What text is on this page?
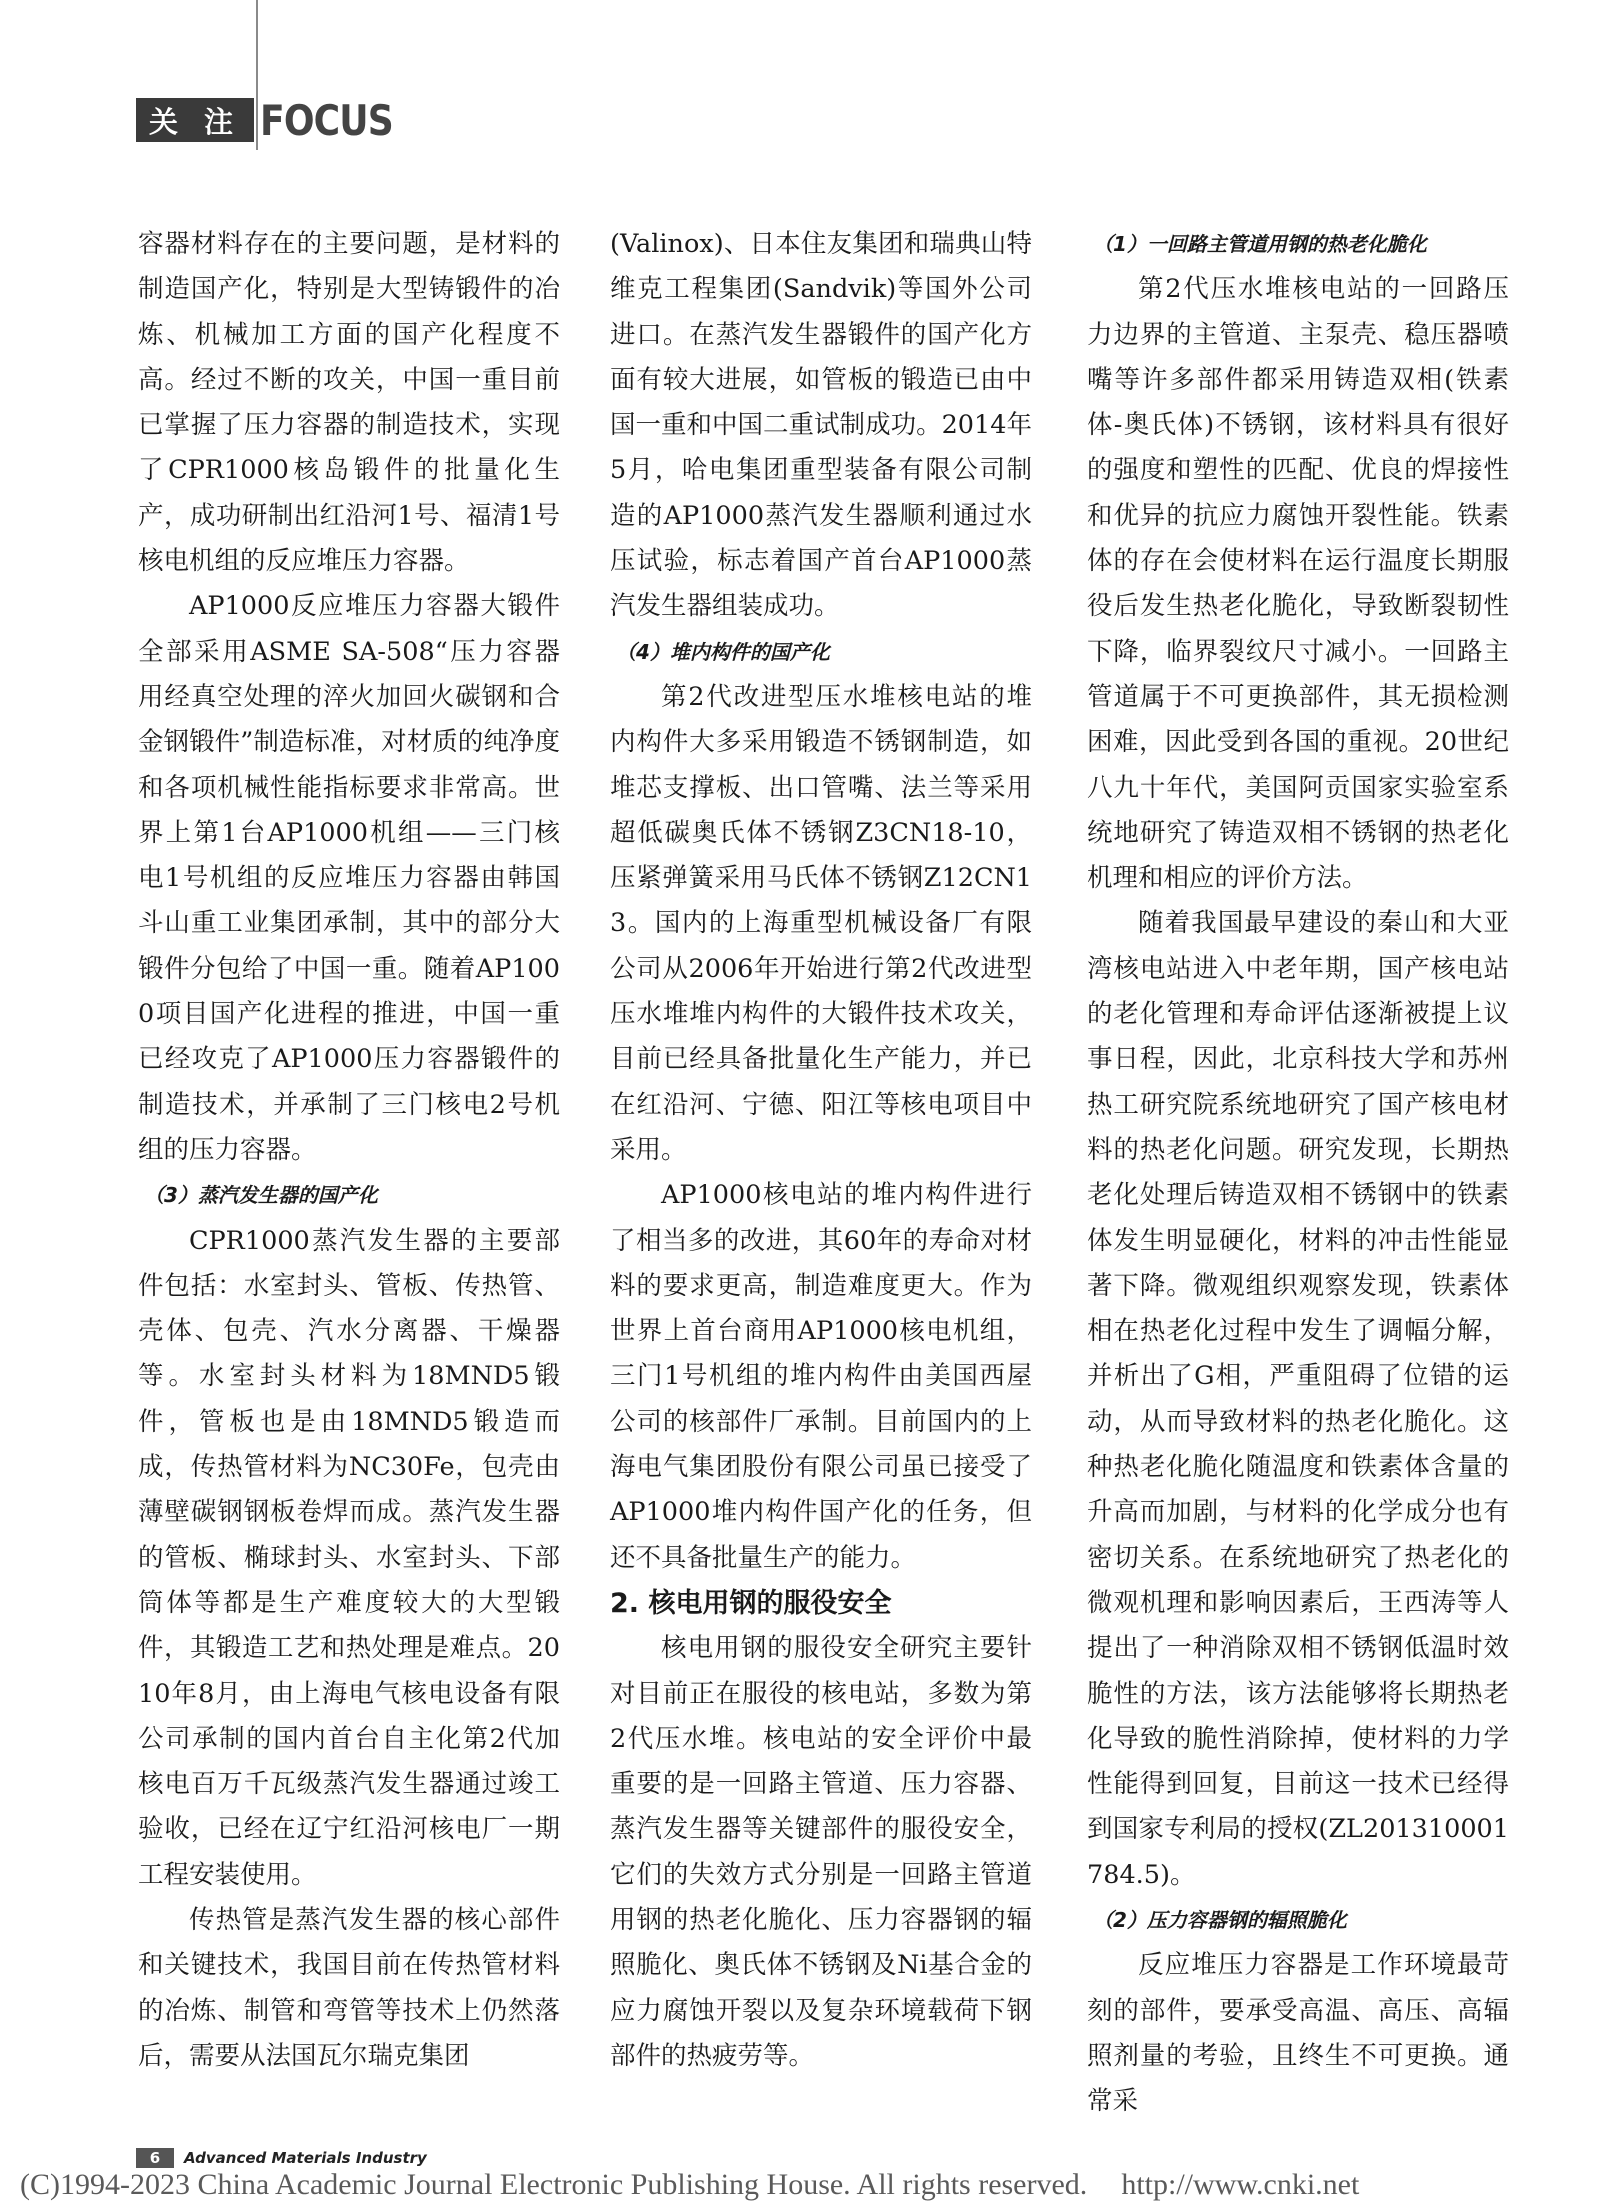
关 注 FOCUS

容器材料存在的主要问题，是材料的制造国产化，特别是大型铸锻件的冶炼、机械加工方面的国产化程度不高。经过不断的攻关，中国一重目前已掌握了压力容器的制造技术，实现了CPR1000核岛锻件的批量化生产，成功研制出红沿河1号、福清1号核电机组的反应堆压力容器。

AP1000反应堆压力容器大锻件全部采用ASME SA-508“压力容器用经真空处理的淬火加回火碳钢和合金钢锻件”制造标准，对材质的纯净度和各项机械性能指标要求非常高。世界上第1台AP1000机组——三门核电1号机组的反应堆压力容器由韩国斗山重工业集团承制，其中的部分大锻件分包给了中国一重。随着AP1000项目国产化进程的推进，中国一重已经攻克了AP1000压力容器锻件的制造技术，并承制了三门核电2号机组的压力容器。

（3）蒸汽发生器的国产化

CPR1000蒸汽发生器的主要部件包括：水室封头、管板、传热管、壳体、包壳、汽水分离器、干燥器等。水室封头材料为18MND5锻件，管板也是由18MND5锻造而成，传热管材料为NC30Fe，包壳由薄壁碳钢钢板卷焊而成。蒸汽发生器的管板、椭球封头、水室封头、下部筒体等都是生产难度较大的大型锻件，其锻造工艺和热处理是难点。2010年8月，由上海电气核电设备有限公司承制的国内首台自主化第2代加核电百万千瓦级蒸汽发生器通过竣工验收，已经在辽宁红沿河核电厂一期工程安装使用。

传热管是蒸汽发生器的核心部件和关键技术，我国目前在传热管材料的冶炼、制管和弯管等技术上仍然落后，需要从法国瓦尔瑞克集团

(Valinox)、日本住友集团和瑞典山特维克工程集团(Sandvik)等国外公司进口。在蒸汽发生器锻件的国产化方面有较大进展，如管板的锻造已由中国一重和中国二重试制成功。2014年5月，哈电集团重型装备有限公司制造的AP1000蒸汽发生器顺利通过水压试验，标志着国产首台AP1000蒸汽发生器组装成功。

（4）堆内构件的国产化

第2代改进型压水堆核电站的堆内构件大多采用锻造不锈钢制造，如堆芯支撑板、出口管嘴、法兰等采用超低碳奥氏体不锈钢Z3CN18-10，压紧弹簧采用马氏体不锈钢Z12CN13。国内的上海重型机械设备厂有限公司从2006年开始进行第2代改进型压水堆堆内构件的大锻件技术攻关，目前已经具备批量化生产能力，并已在红沿河、宁德、阳江等核电项目中采用。

AP1000核电站的堆内构件进行了相当多的改进，其60年的寿命对材料的要求更高，制造难度更大。作为世界上首台商用AP1000核电机组，三门1号机组的堆内构件由美国西屋公司的核部件厂承制。目前国内的上海电气集团股份有限公司虽已接受了AP1000堆内构件国产化的任务，但还不具备批量生产的能力。

2. 核电用钢的服役安全

核电用钢的服役安全研究主要针对目前正在服役的核电站，多数为第2代压水堆。核电站的安全评价中最重要的是一回路主管道、压力容器、蒸汽发生器等关键部件的服役安全，它们的失效方式分别是一回路主管道用钢的热老化脆化、压力容器钢的辐照脆化、奥氏体不锈钢及Ni基合金的应力腐蚀开裂以及复杂环境载荷下钢部件的热疲劳等。

（1）一回路主管道用钢的热老化脆化

第2代压水堆核电站的一回路压力边界的主管道、主泵壳、稳压器喷嘴等许多部件都采用铸造双相(铁素体-奥氏体)不锈钢，该材料具有很好的强度和塑性的匹配、优良的焊接性和优异的抗应力腐蚀开裂性能。铁素体的存在会使材料在运行温度长期服役后发生热老化脆化，导致断裂韧性下降，临界裂纹尺寸减小。一回路主管道属于不可更换部件，其无损检测困难，因此受到各国的重视。20世纪八九十年代，美国阿贡国家实验室系统地研究了铸造双相不锈钢的热老化机理和相应的评价方法。

随着我国最早建设的秦山和大亚湾核电站进入中老年期，国产核电站的老化管理和寿命评估逐渐被提上议事日程，因此，北京科技大学和苏州热工研究院系统地研究了国产核电材料的热老化问题。研究发现，长期热老化处理后铸造双相不锈钢中的铁素体发生明显硬化，材料的冲击性能显著下降。微观组织观察发现，铁素体相在热老化过程中发生了调幅分解，并析出了G相，严重阻碍了位错的运动，从而导致材料的热老化脆化。这种热老化脆化随温度和铁素体含量的升高而加剧，与材料的化学成分也有密切关系。在系统地研究了热老化的微观机理和影响因素后，王西涛等人提出了一种消除双相不锈钢低温时效脆性的方法，该方法能够将长期热老化导致的脆性消除掉，使材料的力学性能得到回复，目前这一技术已经得到国家专利局的授权(ZL201310001784.5)。

（2）压力容器钢的辐照脆化

反应堆压力容器是工作环境最苛刻的部件，要承受高温、高压、高辐照剂量的考验，且终生不可更换。通常采

6	Advanced Materials Industry
(C)1994-2023 China Academic Journal Electronic Publishing House. All rights reserved. http://www.cnki.net
